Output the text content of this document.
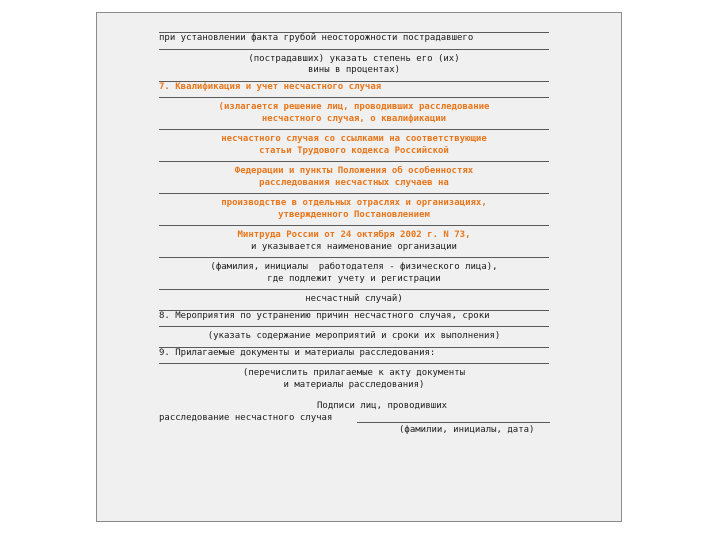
при установлении факта грубой неосторожности пострадавшего
(пострадавших) указать степень его (их)
вины в процентах)
7. Квалификация и учет несчастного случая
(излагается решение лиц, проводивших расследование
несчастного случая, о квалификации
несчастного случая со ссылками на соответствующие
статьи Трудового кодекса Российской
Федерации и пункты Положения об особенностях
расследования несчастных случаев на
производстве в отдельных отраслях и организациях,
утвержденного Постановлением
Минтруда России от 24 октября 2002 г. N 73,
и указывается наименование организации
(фамилия, инициалы  работодателя - физического лица),
где подлежит учету и регистрации
несчастный случай)
8. Мероприятия по устранению причин несчастного случая, сроки
(указать содержание мероприятий и сроки их выполнения)
9. Прилагаемые документы и материалы расследования:
(перечислить прилагаемые к акту документы
и материалы расследования)
Подписи лиц, проводивших
расследование несчастного случая
(фамилии, инициалы, дата)
